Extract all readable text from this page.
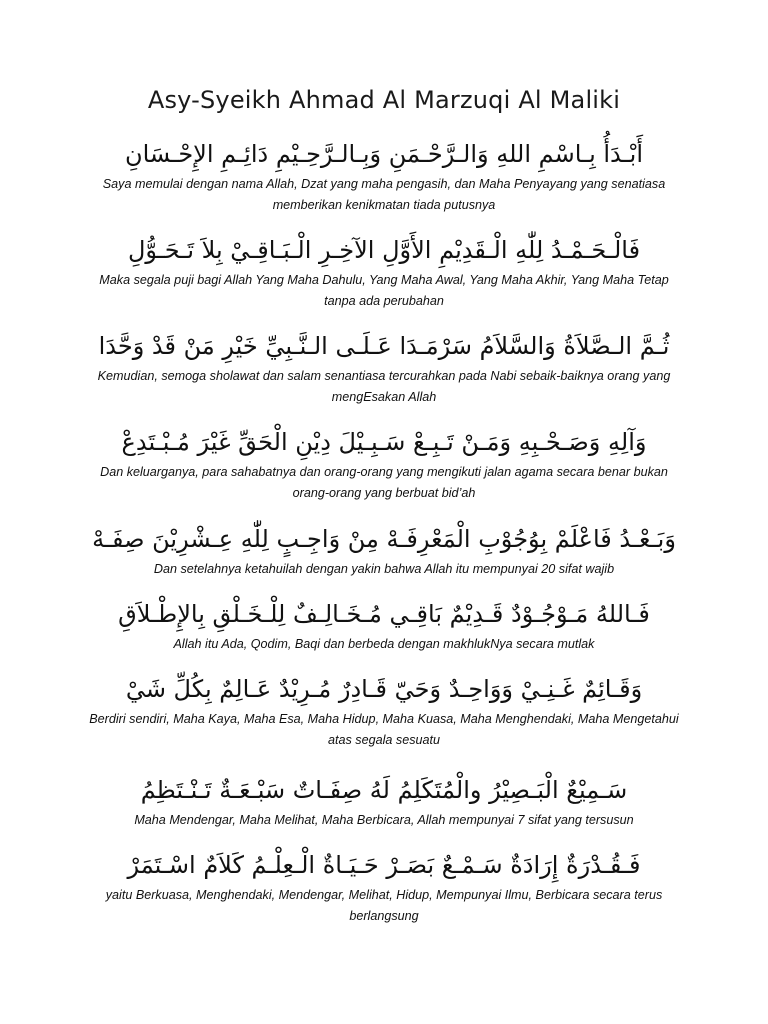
Asy-Syeikh Ahmad Al Marzuqi Al Maliki

أَبْـدَأُ بِـاسْمِ اللهِ وَالـرَّحْـمَنِ وَبِـالـرَّحِـيْمِ دَائِـمِ الإِحْـسَانِ

Saya memulai dengan nama Allah, Dzat yang maha pengasih, dan Maha Penyayang yang senatiasa memberikan kenikmatan tiada putusnya

فَالْـحَـمْـدُ لِلّٰهِ الْـقَدِيْمِ الأَوَّلِ الآخِـرِ الْـبَـاقِـيْ بِلاَ تَـحَـوُّلِ

Maka segala puji bagi Allah Yang Maha Dahulu, Yang Maha Awal, Yang Maha Akhir, Yang Maha Tetap tanpa ada perubahan

ثُـمَّ الـصَّلاَةُ وَالسَّلاَمُ سَرْمَـدَا عَـلَـى الـنَّـبِيِّ خَيْرِ مَنْ قَدْ وَحَّدَا

Kemudian, semoga sholawat dan salam senantiasa tercurahkan pada Nabi sebaik-baiknya orang yang mengEsakan Allah

وَآلِهِ وَصَـحْـبِهِ وَمَـنْ تَـبِـعْ سَـبِـيْلَ دِيْنِ الْحَقِّ غَيْرَ مُـبْـتَدِعْ

Dan keluarganya, para sahabatnya dan orang-orang yang mengikuti jalan agama secara benar bukan orang-orang yang berbuat bid’ah

وَبَـعْـدُ فَاعْلَمْ بِوُجُوْبِ الْمَعْرِفَـهْ مِنْ وَاجِـبٍ لِلّٰهِ عِـشْرِيْنَ صِفَـهْ

Dan setelahnya ketahuilah dengan yakin bahwa Allah itu mempunyai 20 sifat wajib

فَـاللهُ مَـوْجُـوْدٌ قَـدِيْمٌ بَاقِـي مُـخَـالِـفٌ لِلْـخَـلْقِ بِالإِطْـلاَقِ

Allah itu Ada, Qodim, Baqi dan berbeda dengan makhlukNya secara mutlak

وَقَـائِمٌ غَـنِـيْ وَوَاحِـدٌ وَحَيّ قَـادِرٌ مُـرِيْدٌ عَـالِمٌ بِكُلِّ شَيْ

Berdiri sendiri, Maha Kaya, Maha Esa, Maha Hidup, Maha Kuasa, Maha Menghendaki, Maha Mengetahui atas segala sesuatu

سَـمِيْعٌ الْبَـصِيْرُ والْمُتَكَلِمُ لَهُ صِفَـاتٌ سَبْـعَـةٌ تَـنْـتَظِمُ

Maha Mendengar, Maha Melihat, Maha Berbicara, Allah mempunyai 7 sifat yang tersusun

فَـقُـدْرَةٌ إِرَادَةٌ سَـمْـعٌ بَصَـرْ حَـيَـاةٌ الْـعِلْـمُ كَلاَمٌ اسْـتَمَرْ

yaitu Berkuasa, Menghendaki, Mendengar, Melihat, Hidup, Mempunyai Ilmu, Berbicara secara terus berlangsung
